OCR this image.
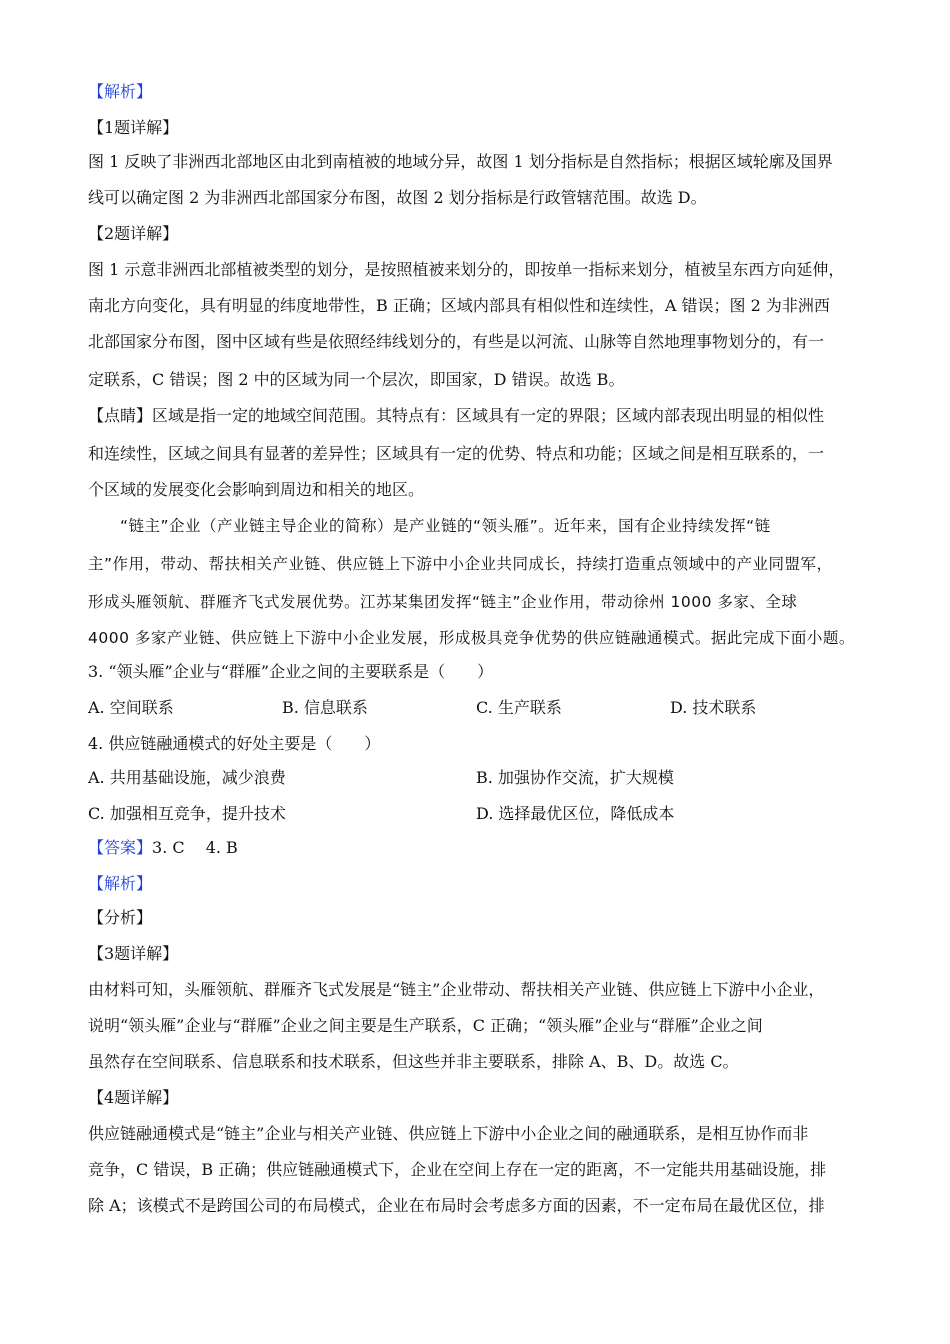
【解析】
【1题详解】
图 1 反映了非洲西北部地区由北到南植被的地域分异，故图 1 划分指标是自然指标；根据区域轮廓及国界
线可以确定图 2 为非洲西北部国家分布图，故图 2 划分指标是行政管辖范围。故选 D。
【2题详解】
图 1 示意非洲西北部植被类型的划分，是按照植被来划分的，即按单一指标来划分，植被呈东西方向延伸，
南北方向变化，具有明显的纬度地带性，B 正确；区域内部具有相似性和连续性，A 错误；图 2 为非洲西
北部国家分布图，图中区域有些是依照经纬线划分的，有些是以河流、山脉等自然地理事物划分的，有一
定联系，C 错误；图 2 中的区域为同一个层次，即国家，D 错误。故选 B。
【点睛】区域是指一定的地域空间范围。其特点有：区域具有一定的界限；区域内部表现出明显的相似性
和连续性，区域之间具有显著的差异性；区域具有一定的优势、特点和功能；区域之间是相互联系的，一
个区域的发展变化会影响到周边和相关的地区。
“链主”企业（产业链主导企业的简称）是产业链的“领头雁”。近年来，国有企业持续发挥“链
主”作用，带动、帮扶相关产业链、供应链上下游中小企业共同成长，持续打造重点领域中的产业同盟军，
形成头雁领航、群雁齐飞式发展优势。江苏某集团发挥“链主”企业作用，带动徐州 1000 多家、全球
4000 多家产业链、供应链上下游中小企业发展，形成极具竞争优势的供应链融通模式。据此完成下面小题。
3. “领头雁”企业与“群雁”企业之间的主要联系是（　　）
A. 空间联系	B. 信息联系	C. 生产联系	D. 技术联系
4. 供应链融通模式的好处主要是（　　）
A. 共用基础设施，减少浪费	B. 加强协作交流，扩大规模
C. 加强相互竞争，提升技术	D. 选择最优区位，降低成本
【答案】3. C　 4. B
【解析】
【分析】
【3题详解】
由材料可知，头雁领航、群雁齐飞式发展是“链主”企业带动、帮扶相关产业链、供应链上下游中小企业，
说明“领头雁”企业与“群雁”企业之间主要是生产联系，C 正确；“领头雁”企业与“群雁”企业之间
虽然存在空间联系、信息联系和技术联系，但这些并非主要联系，排除 A、B、D。故选 C。
【4题详解】
供应链融通模式是“链主”企业与相关产业链、供应链上下游中小企业之间的融通联系，是相互协作而非
竞争，C 错误，B 正确；供应链融通模式下，企业在空间上存在一定的距离，不一定能共用基础设施，排
除 A；该模式不是跨国公司的布局模式，企业在布局时会考虑多方面的因素，不一定布局在最优区位，排
